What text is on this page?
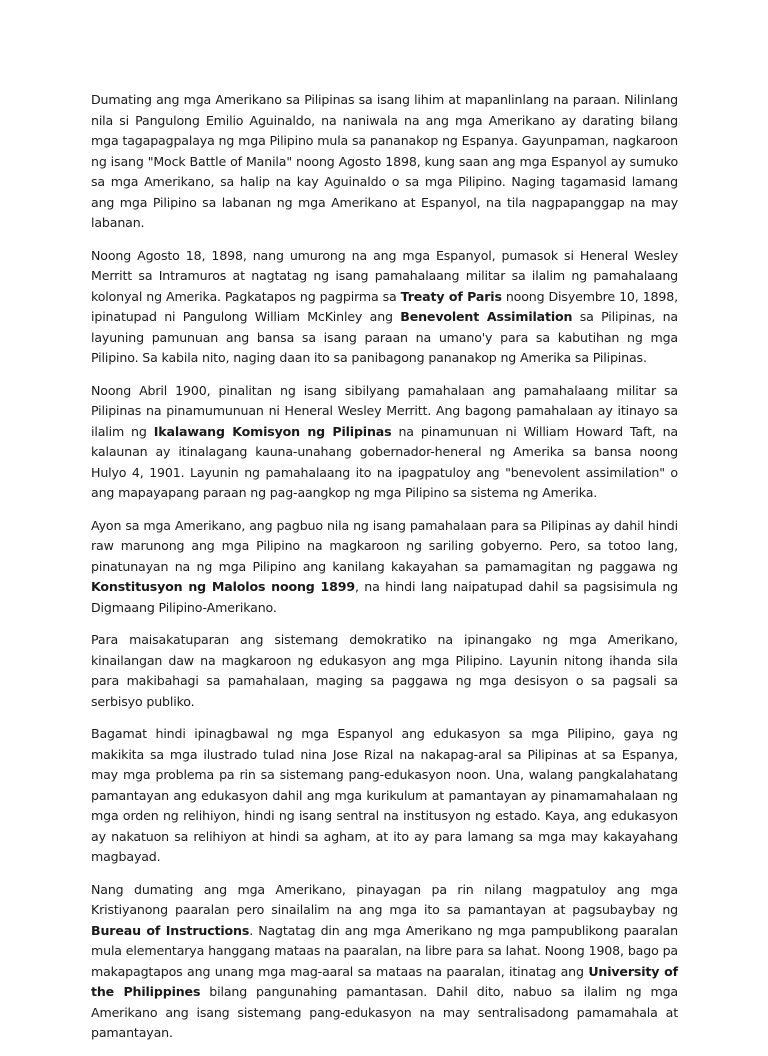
Dumating ang mga Amerikano sa Pilipinas sa isang lihim at mapanlinlang na paraan. Nilinlang nila si Pangulong Emilio Aguinaldo, na naniwala na ang mga Amerikano ay darating bilang mga tagapagpalaya ng mga Pilipino mula sa pananakop ng Espanya. Gayunpaman, nagkaroon ng isang "Mock Battle of Manila" noong Agosto 1898, kung saan ang mga Espanyol ay sumuko sa mga Amerikano, sa halip na kay Aguinaldo o sa mga Pilipino. Naging tagamasid lamang ang mga Pilipino sa labanan ng mga Amerikano at Espanyol, na tila nagpapanggap na may labanan.

Noong Agosto 18, 1898, nang umurong na ang mga Espanyol, pumasok si Heneral Wesley Merritt sa Intramuros at nagtatag ng isang pamahalaang militar sa ilalim ng pamahalaang kolonyal ng Amerika. Pagkatapos ng pagpirma sa Treaty of Paris noong Disyembre 10, 1898, ipinatupad ni Pangulong William McKinley ang Benevolent Assimilation sa Pilipinas, na layuning pamunuan ang bansa sa isang paraan na umano'y para sa kabutihan ng mga Pilipino. Sa kabila nito, naging daan ito sa panibagong pananakop ng Amerika sa Pilipinas.

Noong Abril 1900, pinalitan ng isang sibilyang pamahalaan ang pamahalaang militar sa Pilipinas na pinamumunuan ni Heneral Wesley Merritt. Ang bagong pamahalaan ay itinayo sa ilalim ng Ikalawang Komisyon ng Pilipinas na pinamunuan ni William Howard Taft, na kalaunan ay itinalagang kauna-unahang gobernador-heneral ng Amerika sa bansa noong Hulyo 4, 1901. Layunin ng pamahalaang ito na ipagpatuloy ang "benevolent assimilation" o ang mapayapang paraan ng pag-aangkop ng mga Pilipino sa sistema ng Amerika.

Ayon sa mga Amerikano, ang pagbuo nila ng isang pamahalaan para sa Pilipinas ay dahil hindi raw marunong ang mga Pilipino na magkaroon ng sariling gobyerno. Pero, sa totoo lang, pinatunayan na ng mga Pilipino ang kanilang kakayahan sa pamamagitan ng paggawa ng Konstitusyon ng Malolos noong 1899, na hindi lang naipatupad dahil sa pagsisimula ng Digmaang Pilipino-Amerikano.

Para maisakatuparan ang sistemang demokratiko na ipinangako ng mga Amerikano, kinailangan daw na magkaroon ng edukasyon ang mga Pilipino. Layunin nitong ihanda sila para makibahagi sa pamahalaan, maging sa paggawa ng mga desisyon o sa pagsali sa serbisyo publiko.

Bagamat hindi ipinagbawal ng mga Espanyol ang edukasyon sa mga Pilipino, gaya ng makikita sa mga ilustrado tulad nina Jose Rizal na nakapag-aral sa Pilipinas at sa Espanya, may mga problema pa rin sa sistemang pang-edukasyon noon. Una, walang pangkalahatang pamantayan ang edukasyon dahil ang mga kurikulum at pamantayan ay pinamamahalaan ng mga orden ng relihiyon, hindi ng isang sentral na institusyon ng estado. Kaya, ang edukasyon ay nakatuon sa relihiyon at hindi sa agham, at ito ay para lamang sa mga may kakayahang magbayad.

Nang dumating ang mga Amerikano, pinayagan pa rin nilang magpatuloy ang mga Kristiyanong paaralan pero sinailalim na ang mga ito sa pamantayan at pagsubaybay ng Bureau of Instructions. Nagtatag din ang mga Amerikano ng mga pampublikong paaralan mula elementarya hanggang mataas na paaralan, na libre para sa lahat. Noong 1908, bago pa makapagtapos ang unang mga mag-aaral sa mataas na paaralan, itinatag ang University of the Philippines bilang pangunahing pamantasan. Dahil dito, nabuo sa ilalim ng mga Amerikano ang isang sistemang pang-edukasyon na may sentralisadong pamamahala at pamantayan.
